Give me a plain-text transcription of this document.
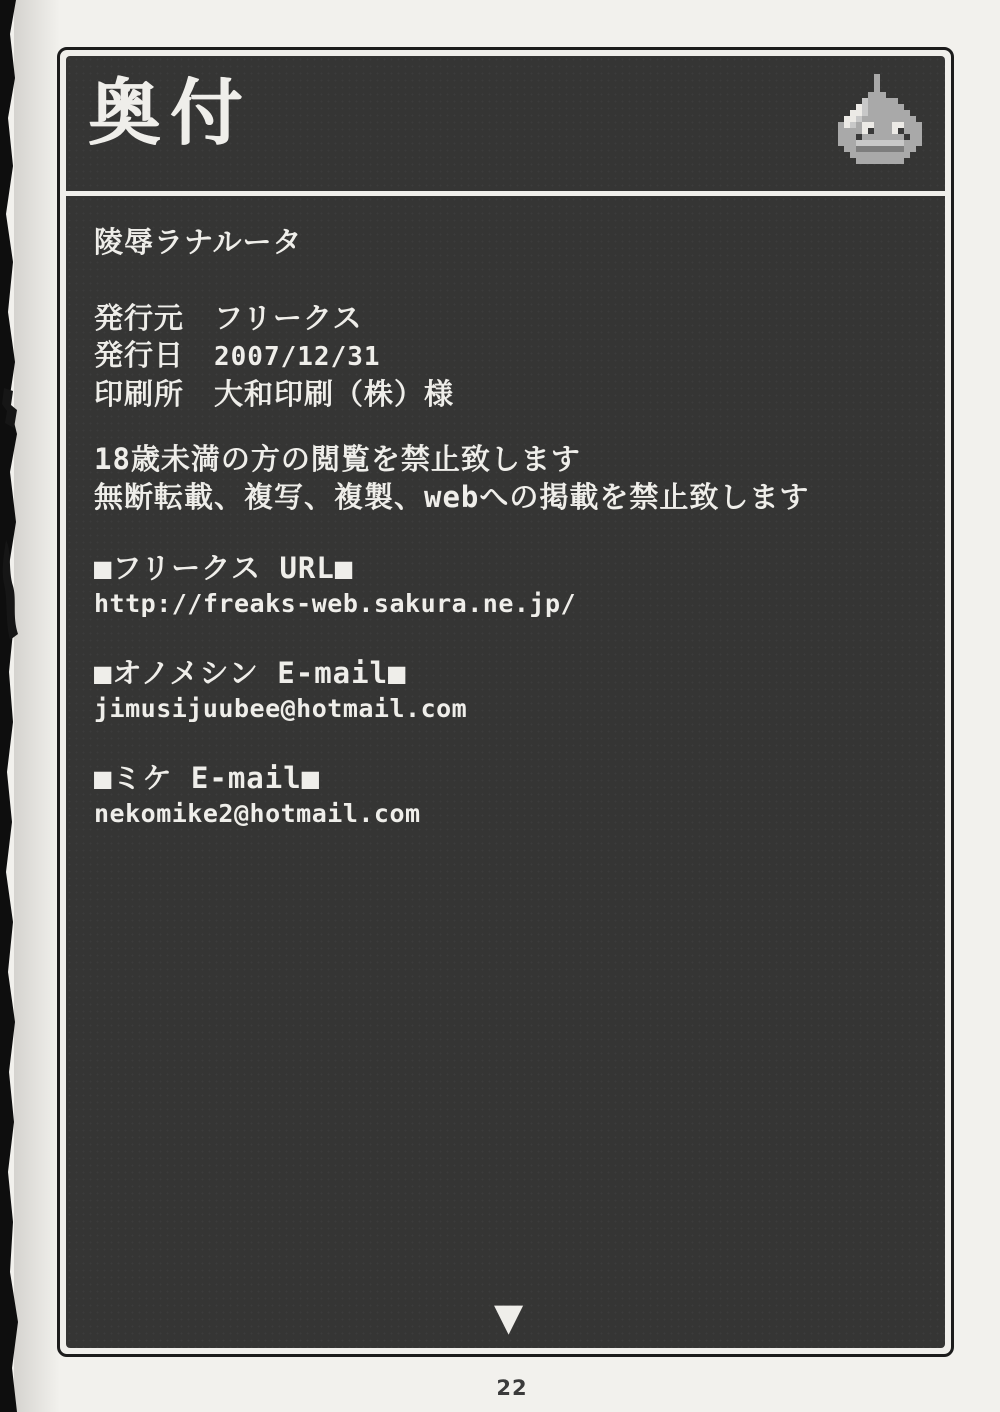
奥付
陵辱ラナルータ
発行元 フリークス
発行日 2007/12/31
印刷所 大和印刷（株）様
18歳未満の方の閲覧を禁止致します
無断転載、複写、複製、webへの掲載を禁止致します
■フリークス URL■
http://freaks-web.sakura.ne.jp/
■オノメシン E-mail■
jimusijuubee@hotmail.com
■ミケ E-mail■
nekomike2@hotmail.com
▼
22
